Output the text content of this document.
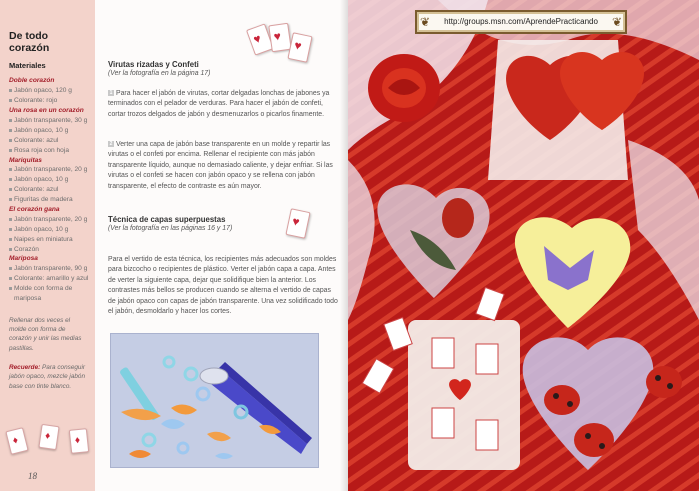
De todo
corazón
Materiales
Doble corazón
Jabón opaco, 120 g
Colorante: rojo
Una rosa en un corazón
Jabón transparente, 30 g
Jabón opaco, 10 g
Colorante: azul
Rosa roja con hoja
Mariquitas
Jabón transparente, 20 g
Jabón opaco, 10 g
Colorante: azul
Figuritas de madera
El corazón gana
Jabón transparente, 20 g
Jabón opaco, 10 g
Naipes en miniatura
Corazón
Mariposa
Jabón transparente, 90 g
Colorante: amarillo y azul
Molde con forma de mariposa
Rellenar dos veces el molde con forma de corazón y unir las medias pastillas.
Recuerde: Para conseguir jabón opaco, mezcle jabón base con tinte blanco.
♦
♦
♦
18
♥ ♥
♥
Virutas rizadas y Confeti
(Ver la fotografía en la página 17)
1 Para hacer el jabón de virutas, cortar delgadas lonchas de jabones ya terminados con el pelador de verduras. Para hacer el jabón de confeti, cortar trozos delgados de jabón y desmenuzarlos o picarlos finamente.
2 Verter una capa de jabón base transparente en un molde y repartir las virutas o el confeti por encima. Rellenar el recipiente con más jabón transparente líquido, aunque no demasiado caliente, y dejar enfriar. Si las virutas o el confeti se hacen con jabón opaco y se rellena con jabón transparente, el efecto de contraste es aún mayor.
Técnica de capas superpuestas
(Ver la fotografía en las páginas 16 y 17)	♥
Para el vertido de esta técnica, los recipientes más adecuados son moldes para bizcocho o recipientes de plástico. Verter el jabón capa a capa. Antes de verter la siguiente capa, dejar que solidifique bien la anterior. Los contrastes más bellos se producen cuando se alterna el vertido de capas de jabón opaco con capas de jabón transparente. Una vez solidificado todo el jabón, desmoldarlo y hacer los cortes.
❦ http://groups.msn.com/AprendePracticando ❦
